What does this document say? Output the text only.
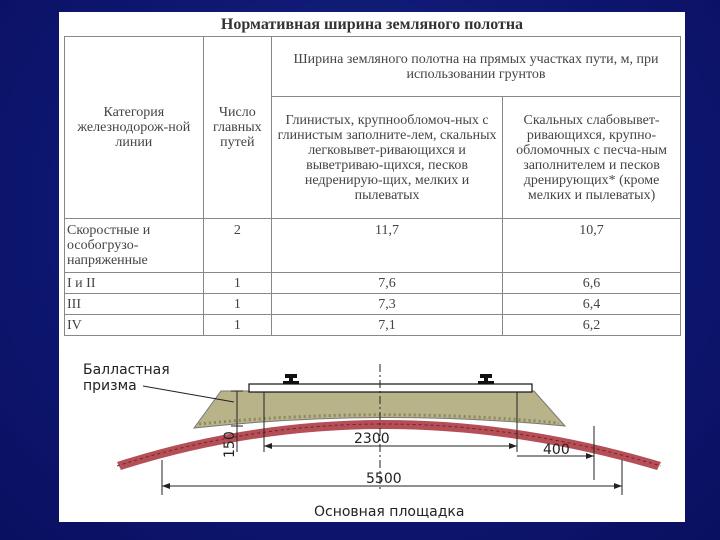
Нормативная ширина земляного полотна
Категория железнодорож-ной линии	Число главных путей	Ширина земляного полотна на прямых участках пути, м, при использовании грунтов	
		Глинистых, крупнообломоч-ных с глинистым заполните-лем, скальных легковывет-ривающихся и выветриваю-щихся, песков недренирую-щих, мелких и пылеватых	Скальных слабовывет-ривающихся, крупно-обломочных с песча-ным заполнителем и песков дренирующих* (кроме мелких и пылеватых)
Скоростные и особогрузо-напряженные	2	11,7	10,7
I и II	1	7,6	6,6
III	1	7,3	6,4
IV	1	7,1	6,2
Балластная
призма
150	2300
400
5500
Основная площадка
